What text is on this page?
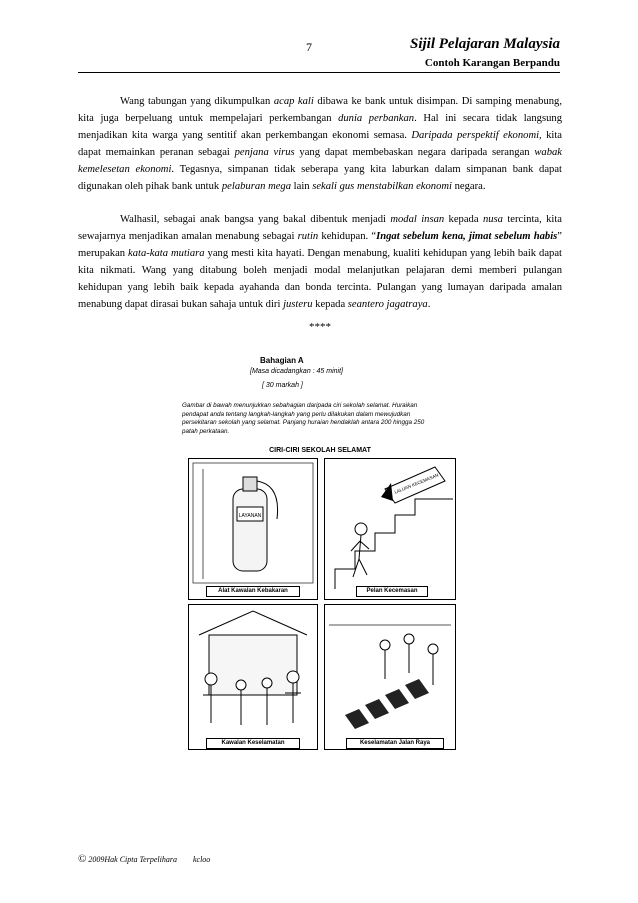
7	Sijil Pelajaran Malaysia
Contoh Karangan Berpandu

Wang tabungan yang dikumpulkan acap kali dibawa ke bank untuk disimpan. Di samping menabung, kita juga berpeluang untuk mempelajari perkembangan dunia perbankan. Hal ini secara tidak langsung menjadikan kita warga yang sentitif akan perkembangan ekonomi semasa. Daripada perspektif ekonomi, kita dapat memainkan peranan sebagai penjana virus yang dapat membebaskan negara daripada serangan wabak kemelesetan ekonomi. Tegasnya, simpanan tidak seberapa yang kita laburkan dalam simpanan bank dapat digunakan oleh pihak bank untuk pelaburan mega lain sekali gus menstabilkan ekonomi negara.

Walhasil, sebagai anak bangsa yang bakal dibentuk menjadi modal insan kepada nusa tercinta, kita sewajarnya menjadikan amalan menabung sebagai rutin kehidupan. “Ingat sebelum kena, jimat sebelum habis” merupakan kata-kata mutiara yang mesti kita hayati. Dengan menabung, kualiti kehidupan yang lebih baik dapat kita nikmati. Wang yang ditabung boleh menjadi modal melanjutkan pelajaran demi memberi pulangan kehidupan yang lebih baik kepada ayahanda dan bonda tercinta. Pulangan yang lumayan daripada amalan menabung dapat dirasai bukan sahaja untuk diri justeru kepada seantero jagatraya.

****
Bahagian A
[Masa dicadangkan : 45 minit]
[ 30 markah ]
Gambar di bawah menunjukkan sebahagian daripada ciri sekolah selamat. Huraikan pendapat anda tentang langkah-langkah yang perlu dilakukan dalam mewujudkan persekitaran sekolah yang selamat. Panjang huraian hendaklah antara 200 hingga 250 patah perkataan.
CIRI-CIRI SEKOLAH SELAMAT
LAYANAN
LALUAN KECEMASAN
Alat Kawalan Kebakaran	Pelan Kecemasan
Kawalan Keselamatan	Keselamatan Jalan Raya
© 2009Hak Cipta Terpelihara kcloo
